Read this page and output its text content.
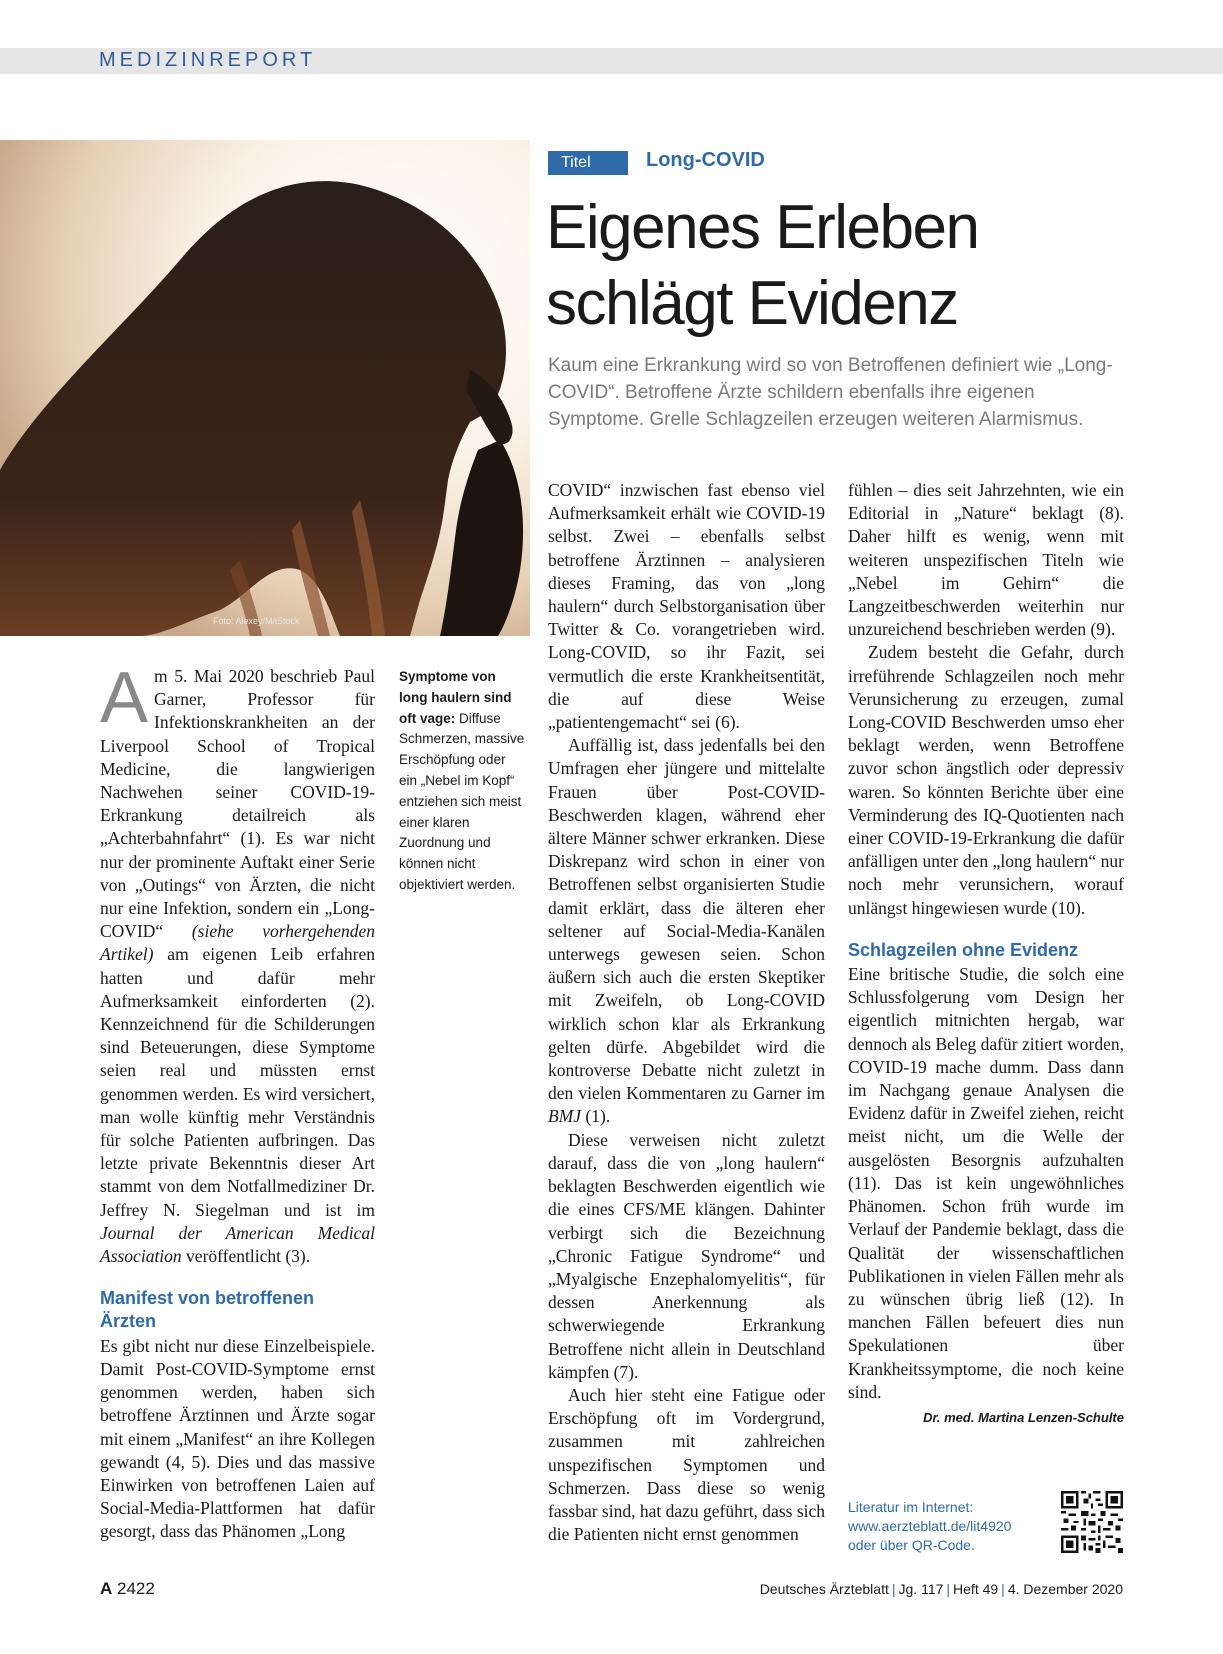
MEDIZINREPORT
Foto: Alexey/M/iStock
Titel	Long-COVID
Eigenes Erleben
schlägt Evidenz
Kaum eine Erkrankung wird so von Betroffenen definiert wie „Long-COVID“. Betroffene Ärzte schildern ebenfalls ihre eigenen Symptome. Grelle Schlagzeilen erzeugen weiteren Alarmismus.

Am 5. Mai 2020 beschrieb Paul Garner, Professor für Infektionskrankheiten an der Liverpool School of Tropical Medicine, die langwierigen Nachwehen seiner COVID-19-Erkrankung detailreich als „Achterbahnfahrt“ (1). Es war nicht nur der prominente Auftakt einer Serie von „Outings“ von Ärzten, die nicht nur eine Infektion, sondern ein „Long-COVID“ (siehe vorhergehenden Artikel) am eigenen Leib erfahren hatten und dafür mehr Aufmerksamkeit einforderten (2). Kennzeichnend für die Schilderungen sind Beteuerungen, diese Symptome seien real und müssten ernst genommen werden. Es wird versichert, man wolle künftig mehr Verständnis für solche Patienten aufbringen. Das letzte private Bekenntnis dieser Art stammt von dem Notfallmediziner Dr. Jeffrey N. Siegelman und ist im Journal der American Medical Association veröffentlicht (3).

Manifest von betroffenen Ärzten

Es gibt nicht nur diese Einzelbeispiele. Damit Post-COVID-Symptome ernst genommen werden, haben sich betroffene Ärztinnen und Ärzte sogar mit einem „Manifest“ an ihre Kollegen gewandt (4, 5). Dies und das massive Einwirken von betroffenen Laien auf Social-Media-Plattformen hat dafür gesorgt, dass das Phänomen „Long

Symptome von long haulern sind oft vage: Diffuse Schmerzen, massive Erschöpfung oder ein „Nebel im Kopf“ entziehen sich meist einer klaren Zuordnung und können nicht objektiviert werden.

COVID“ inzwischen fast ebenso viel Aufmerksamkeit erhält wie COVID-19 selbst. Zwei – ebenfalls selbst betroffene Ärztinnen – analysieren dieses Framing, das von „long haulern“ durch Selbstorganisation über Twitter & Co. vorangetrieben wird. Long-COVID, so ihr Fazit, sei vermutlich die erste Krankheitsentität, die auf diese Weise „patientengemacht“ sei (6).

Auffällig ist, dass jedenfalls bei den Umfragen eher jüngere und mittelalte Frauen über Post-COVID-Beschwerden klagen, während eher ältere Männer schwer erkranken. Diese Diskrepanz wird schon in einer von Betroffenen selbst organisierten Studie damit erklärt, dass die älteren eher seltener auf Social-Media-Kanälen unterwegs gewesen seien. Schon äußern sich auch die ersten Skeptiker mit Zweifeln, ob Long-COVID wirklich schon klar als Erkrankung gelten dürfe. Abgebildet wird die kontroverse Debatte nicht zuletzt in den vielen Kommentaren zu Garner im BMJ (1).

Diese verweisen nicht zuletzt darauf, dass die von „long haulern“ beklagten Beschwerden eigentlich wie die eines CFS/ME klängen. Dahinter verbirgt sich die Bezeichnung „Chronic Fatigue Syndrome“ und „Myalgische Enzephalomyelitis“, für dessen Anerkennung als schwerwiegende Erkrankung Betroffene nicht allein in Deutschland kämpfen (7).

Auch hier steht eine Fatigue oder Erschöpfung oft im Vordergrund, zusammen mit zahlreichen unspezifischen Symptomen und Schmerzen. Dass diese so wenig fassbar sind, hat dazu geführt, dass sich die Patienten nicht ernst genommen

fühlen – dies seit Jahrzehnten, wie ein Editorial in „Nature“ beklagt (8). Daher hilft es wenig, wenn mit weiteren unspezifischen Titeln wie „Nebel im Gehirn“ die Langzeitbeschwerden weiterhin nur unzureichend beschrieben werden (9).

Zudem besteht die Gefahr, durch irreführende Schlagzeilen noch mehr Verunsicherung zu erzeugen, zumal Long-COVID Beschwerden umso eher beklagt werden, wenn Betroffene zuvor schon ängstlich oder depressiv waren. So könnten Berichte über eine Verminderung des IQ-Quotienten nach einer COVID-19-Erkrankung die dafür anfälligen unter den „long haulern“ nur noch mehr verunsichern, worauf unlängst hingewiesen wurde (10).

Schlagzeilen ohne Evidenz

Eine britische Studie, die solch eine Schlussfolgerung vom Design her eigentlich mitnichten hergab, war dennoch als Beleg dafür zitiert worden, COVID-19 mache dumm. Dass dann im Nachgang genaue Analysen die Evidenz dafür in Zweifel ziehen, reicht meist nicht, um die Welle der ausgelösten Besorgnis aufzuhalten (11). Das ist kein ungewöhnliches Phänomen. Schon früh wurde im Verlauf der Pandemie beklagt, dass die Qualität der wissenschaftlichen Publikationen in vielen Fällen mehr als zu wünschen übrig ließ (12). In manchen Fällen befeuert dies nun Spekulationen über Krankheitssymptome, die noch keine sind.

Dr. med. Martina Lenzen-Schulte
Literatur im Internet:
www.aerzteblatt.de/lit4920
oder über QR-Code.
A 2422	Deutsches Ärzteblatt | Jg. 117 | Heft 49 | 4. Dezember 2020
